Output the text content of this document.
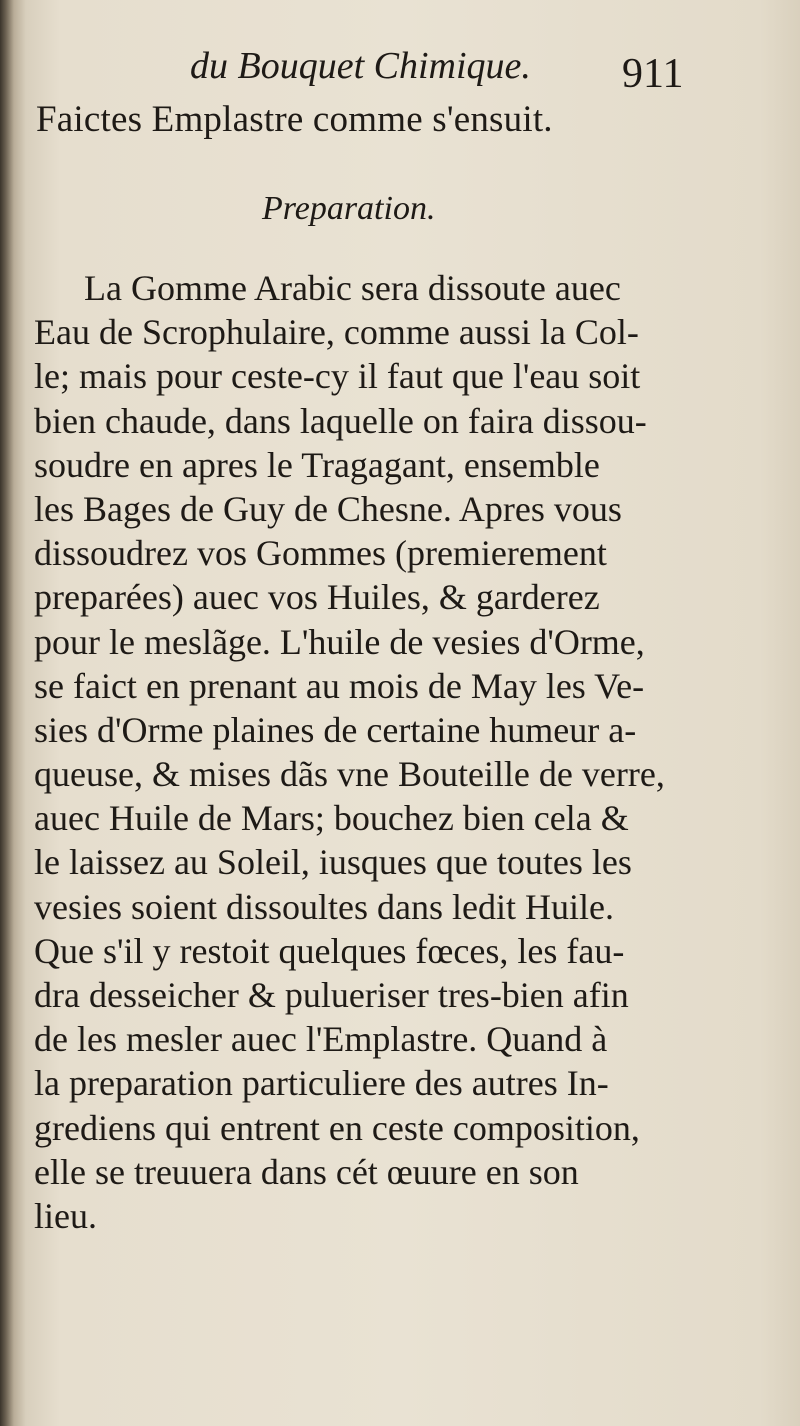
du Bouquet Chimique. 911
Faictes Emplastre comme s'ensuit.
Preparation.
La Gomme Arabic sera dissoute auec
Eau de Scrophulaire, comme aussi la Col-
le; mais pour ceste-cy il faut que l'eau soit
bien chaude, dans laquelle on faira dissou-
soudre en apres le Tragagant, ensemble
les Bages de Guy de Chesne. Apres vous
dissoudrez vos Gommes (premierement
preparées) auec vos Huiles, & garderez
pour le meslãge. L'huile de vesies d'Orme,
se faict en prenant au mois de May les Ve-
sies d'Orme plaines de certaine humeur a-
queuse, & mises dãs vne Bouteille de verre,
auec Huile de Mars; bouchez bien cela &
le laissez au Soleil, iusques que toutes les
vesies soient dissoultes dans ledit Huile.
Que s'il y restoit quelques fœces, les fau-
dra desseicher & pulueriser tres-bien afin
de les mesler auec l'Emplastre. Quand à
la preparation particuliere des autres In-
grediens qui entrent en ceste composition,
elle se treuuera dans cét œuure en son
lieu.
